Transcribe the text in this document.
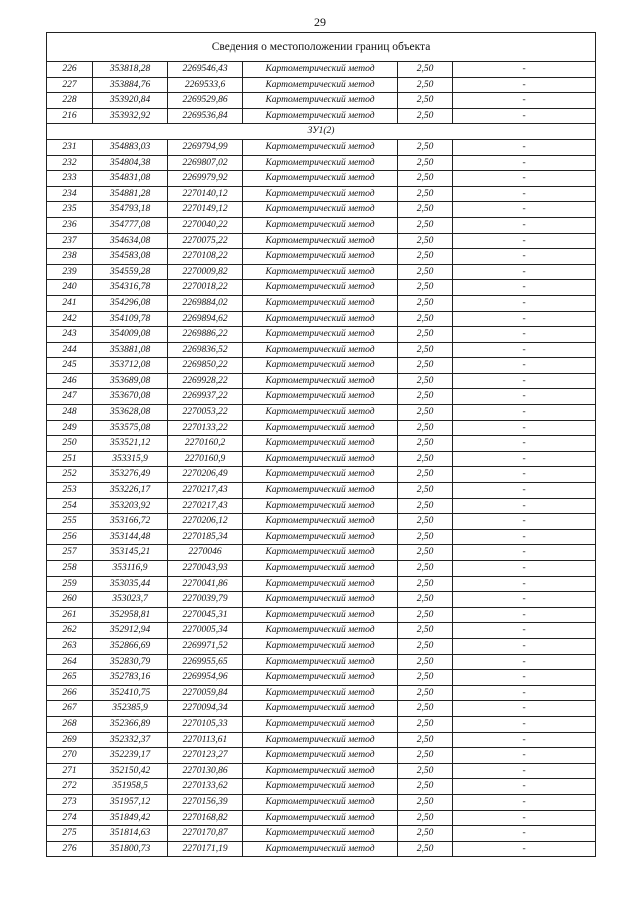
29
Сведения о местоположении границ объекта					
226	353818,28	2269546,43	Картометрический метод	2,50	-
227	353884,76	2269533,6	Картометрический метод	2,50	-
228	353920,84	2269529,86	Картометрический метод	2,50	-
216	353932,92	2269536,84	Картометрический метод	2,50	-
ЗУ1(2)					
231	354883,03	2269794,99	Картометрический метод	2,50	-
232	354804,38	2269807,02	Картометрический метод	2,50	-
233	354831,08	2269979,92	Картометрический метод	2,50	-
234	354881,28	2270140,12	Картометрический метод	2,50	-
235	354793,18	2270149,12	Картометрический метод	2,50	-
236	354777,08	2270040,22	Картометрический метод	2,50	-
237	354634,08	2270075,22	Картометрический метод	2,50	-
238	354583,08	2270108,22	Картометрический метод	2,50	-
239	354559,28	2270009,82	Картометрический метод	2,50	-
240	354316,78	2270018,22	Картометрический метод	2,50	-
241	354296,08	2269884,02	Картометрический метод	2,50	-
242	354109,78	2269894,62	Картометрический метод	2,50	-
243	354009,08	2269886,22	Картометрический метод	2,50	-
244	353881,08	2269836,52	Картометрический метод	2,50	-
245	353712,08	2269850,22	Картометрический метод	2,50	-
246	353689,08	2269928,22	Картометрический метод	2,50	-
247	353670,08	2269937,22	Картометрический метод	2,50	-
248	353628,08	2270053,22	Картометрический метод	2,50	-
249	353575,08	2270133,22	Картометрический метод	2,50	-
250	353521,12	2270160,2	Картометрический метод	2,50	-
251	353315,9	2270160,9	Картометрический метод	2,50	-
252	353276,49	2270206,49	Картометрический метод	2,50	-
253	353226,17	2270217,43	Картометрический метод	2,50	-
254	353203,92	2270217,43	Картометрический метод	2,50	-
255	353166,72	2270206,12	Картометрический метод	2,50	-
256	353144,48	2270185,34	Картометрический метод	2,50	-
257	353145,21	2270046	Картометрический метод	2,50	-
258	353116,9	2270043,93	Картометрический метод	2,50	-
259	353035,44	2270041,86	Картометрический метод	2,50	-
260	353023,7	2270039,79	Картометрический метод	2,50	-
261	352958,81	2270045,31	Картометрический метод	2,50	-
262	352912,94	2270005,34	Картометрический метод	2,50	-
263	352866,69	2269971,52	Картометрический метод	2,50	-
264	352830,79	2269955,65	Картометрический метод	2,50	-
265	352783,16	2269954,96	Картометрический метод	2,50	-
266	352410,75	2270059,84	Картометрический метод	2,50	-
267	352385,9	2270094,34	Картометрический метод	2,50	-
268	352366,89	2270105,33	Картометрический метод	2,50	-
269	352332,37	2270113,61	Картометрический метод	2,50	-
270	352239,17	2270123,27	Картометрический метод	2,50	-
271	352150,42	2270130,86	Картометрический метод	2,50	-
272	351958,5	2270133,62	Картометрический метод	2,50	-
273	351957,12	2270156,39	Картометрический метод	2,50	-
274	351849,42	2270168,82	Картометрический метод	2,50	-
275	351814,63	2270170,87	Картометрический метод	2,50	-
276	351800,73	2270171,19	Картометрический метод	2,50	-
